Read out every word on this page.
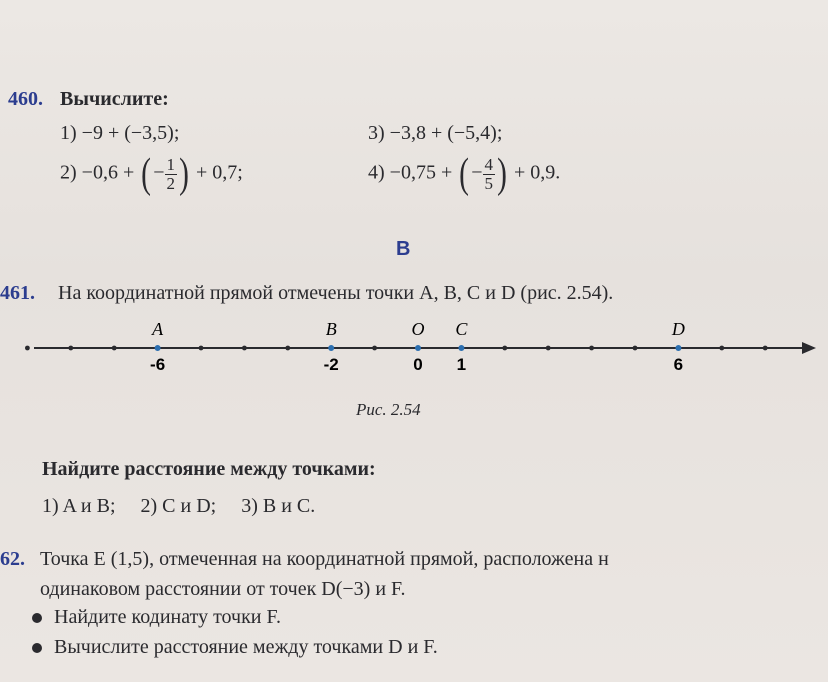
460. Вычислите:
1) −9 + (−3,5);	3) −3,8 + (−5,4);
2) −0,6 + ( − $\frac{1}{2}$ ) + 0,7;	4) −0,75 + ( − $\frac{4}{5}$ ) + 0,9.
B
461. На координатной прямой отмечены точки A, B, C и D (рис. 2.54).
A
-6
B
-2
O
0
C
1
D
6
Рис. 2.54
Найдите расстояние между точками:
1) A и B;     2) C и D;     3) B и C.
62. Точка E (1,5), отмеченная на координатной прямой, расположена н
одинаковом расстоянии от точек D(−3) и F.
Найдите кодинату точки F.
Вычислите расстояние между точками D и F.
